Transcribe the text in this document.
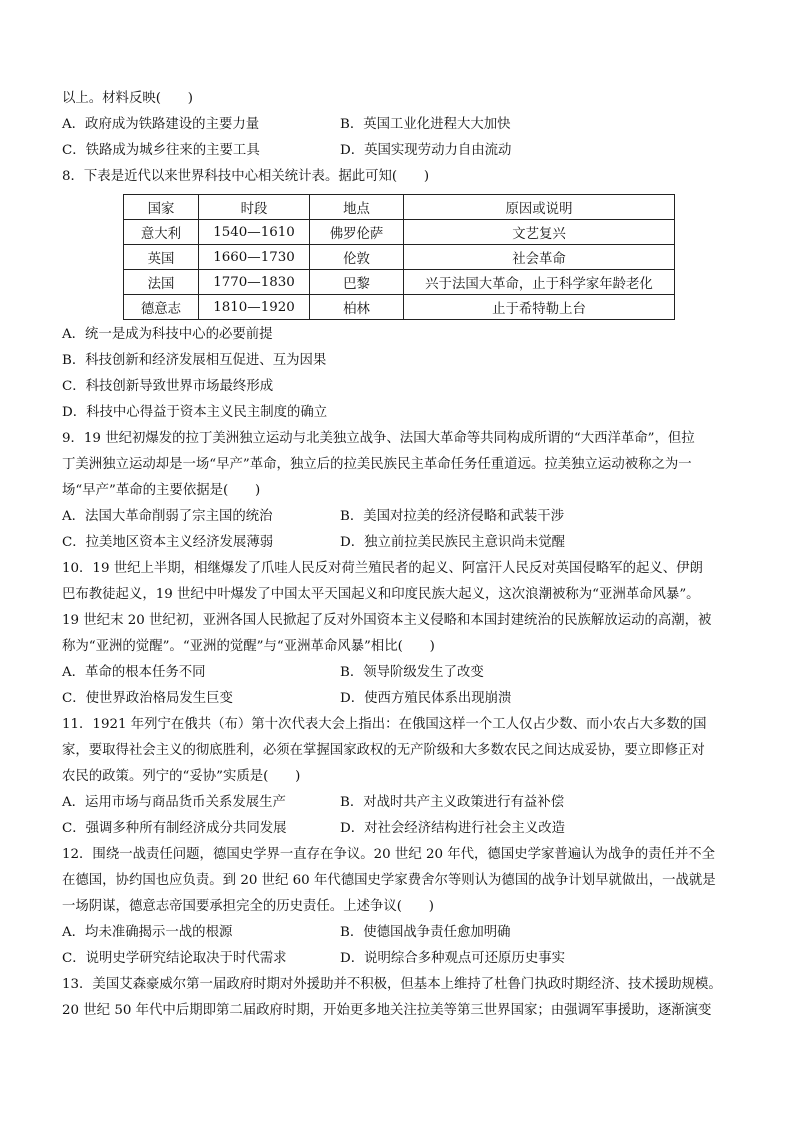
以上。材料反映(　　)
A．政府成为铁路建设的主要力量	B．英国工业化进程大大加快
C．铁路成为城乡往来的主要工具	D．英国实现劳动力自由流动
8．下表是近代以来世界科技中心相关统计表。据此可知(　　)
国家	时段	地点	原因或说明
意大利	1540—1610	佛罗伦萨	文艺复兴
英国	1660—1730	伦敦	社会革命
法国	1770—1830	巴黎	兴于法国大革命，止于科学家年龄老化
德意志	1810—1920	柏林	止于希特勒上台
A．统一是成为科技中心的必要前提
B．科技创新和经济发展相互促进、互为因果
C．科技创新导致世界市场最终形成
D．科技中心得益于资本主义民主制度的确立
9．19 世纪初爆发的拉丁美洲独立运动与北美独立战争、法国大革命等共同构成所谓的“大西洋革命”，但拉
丁美洲独立运动却是一场“早产”革命，独立后的拉美民族民主革命任务任重道远。拉美独立运动被称之为一
场“早产”革命的主要依据是(　　)
A．法国大革命削弱了宗主国的统治	B．美国对拉美的经济侵略和武装干涉
C．拉美地区资本主义经济发展薄弱	D．独立前拉美民族民主意识尚未觉醒
10．19 世纪上半期，相继爆发了爪哇人民反对荷兰殖民者的起义、阿富汗人民反对英国侵略军的起义、伊朗
巴布教徒起义，19 世纪中叶爆发了中国太平天国起义和印度民族大起义，这次浪潮被称为“亚洲革命风暴”。
19 世纪末 20 世纪初，亚洲各国人民掀起了反对外国资本主义侵略和本国封建统治的民族解放运动的高潮，被
称为“亚洲的觉醒”。“亚洲的觉醒”与“亚洲革命风暴”相比(　　)
A．革命的根本任务不同	B．领导阶级发生了改变
C．使世界政治格局发生巨变	D．使西方殖民体系出现崩溃
11．1921 年列宁在俄共（布）第十次代表大会上指出：在俄国这样一个工人仅占少数、而小农占大多数的国
家，要取得社会主义的彻底胜利，必须在掌握国家政权的无产阶级和大多数农民之间达成妥协，要立即修正对
农民的政策。列宁的“妥协”实质是(　　)
A．运用市场与商品货币关系发展生产	B．对战时共产主义政策进行有益补偿
C．强调多种所有制经济成分共同发展	D．对社会经济结构进行社会主义改造
12．围绕一战责任问题，德国史学界一直存在争议。20 世纪 20 年代，德国史学家普遍认为战争的责任并不全
在德国，协约国也应负责。到 20 世纪 60 年代德国史学家费舍尔等则认为德国的战争计划早就做出，一战就是
一场阴谋，德意志帝国要承担完全的历史责任。上述争议(　　)
A．均未准确揭示一战的根源	B．使德国战争责任愈加明确
C．说明史学研究结论取决于时代需求	D．说明综合多种观点可还原历史事实
13．美国艾森豪威尔第一届政府时期对外援助并不积极，但基本上维持了杜鲁门执政时期经济、技术援助规模。
20 世纪 50 年代中后期即第二届政府时期，开始更多地关注拉美等第三世界国家；由强调军事援助，逐渐演变
